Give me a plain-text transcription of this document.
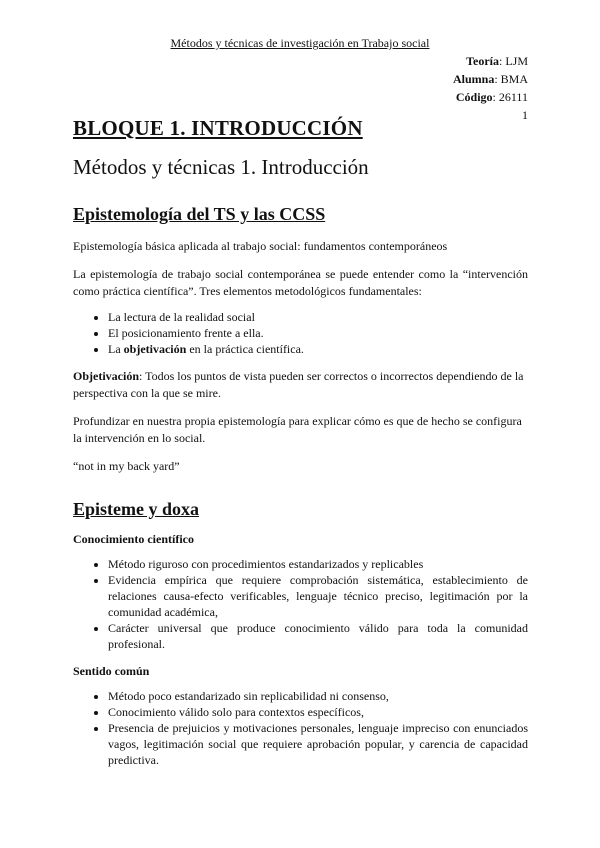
Métodos y técnicas de investigación en Trabajo social
Teoría: LJM
Alumna: BMA
Código: 26111
1
BLOQUE 1. INTRODUCCIÓN
Métodos y técnicas 1. Introducción
Epistemología del TS y las CCSS

Epistemología básica aplicada al trabajo social: fundamentos contemporáneos

La epistemología de trabajo social contemporánea se puede entender como la “intervención como práctica científica”. Tres elementos metodológicos fundamentales:

• La lectura de la realidad social
• El posicionamiento frente a ella.
• La objetivación en la práctica científica.

Objetivación: Todos los puntos de vista pueden ser correctos o incorrectos dependiendo de la perspectiva con la que se mire.

Profundizar en nuestra propia epistemología para explicar cómo es que de hecho se configura la intervención en lo social.

“not in my back yard”

Episteme y doxa
Conocimiento científico
• Método riguroso con procedimientos estandarizados y replicables
• Evidencia empírica que requiere comprobación sistemática, establecimiento de relaciones causa-efecto verificables, lenguaje técnico preciso, legitimación por la comunidad académica,
• Carácter universal que produce conocimiento válido para toda la comunidad profesional.
Sentido común
• Método poco estandarizado sin replicabilidad ni consenso,
• Conocimiento válido solo para contextos específicos,
• Presencia de prejuicios y motivaciones personales, lenguaje impreciso con enunciados vagos, legitimación social que requiere aprobación popular, y carencia de capacidad predictiva.
